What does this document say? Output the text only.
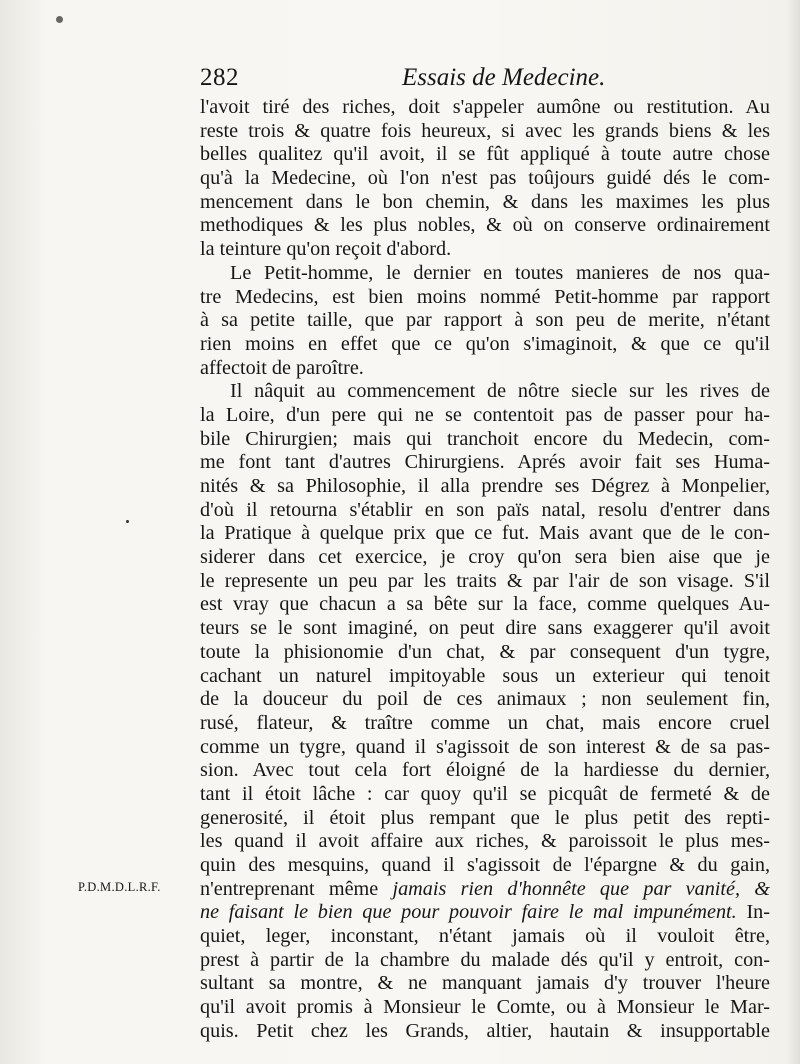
282	Essais de Medecine.
l'avoit tiré des riches, doit s'appeler aumône ou restitution. Au
reste trois & quatre fois heureux, si avec les grands biens & les
belles qualitez qu'il avoit, il se fût appliqué à toute autre chose
qu'à la Medecine, où l'on n'est pas toûjours guidé dés le com-
mencement dans le bon chemin, & dans les maximes les plus
methodiques & les plus nobles, & où on conserve ordinairement
la teinture qu'on reçoit d'abord.
Le Petit-homme, le dernier en toutes manieres de nos qua-
tre Medecins, est bien moins nommé Petit-homme par rapport
à sa petite taille, que par rapport à son peu de merite, n'étant
rien moins en effet que ce qu'on s'imaginoit, & que ce qu'il
affectoit de paroître.
Il nâquit au commencement de nôtre siecle sur les rives de
la Loire, d'un pere qui ne se contentoit pas de passer pour ha-
bile Chirurgien; mais qui tranchoit encore du Medecin, com-
me font tant d'autres Chirurgiens. Aprés avoir fait ses Huma-
nités & sa Philosophie, il alla prendre ses Dégrez à Monpelier,
d'où il retourna s'établir en son païs natal, resolu d'entrer dans
la Pratique à quelque prix que ce fut. Mais avant que de le con-
siderer dans cet exercice, je croy qu'on sera bien aise que je
le represente un peu par les traits & par l'air de son visage. S'il
est vray que chacun a sa bête sur la face, comme quelques Au-
teurs se le sont imaginé, on peut dire sans exaggerer qu'il avoit
toute la phisionomie d'un chat, & par consequent d'un tygre,
cachant un naturel impitoyable sous un exterieur qui tenoit
de la douceur du poil de ces animaux ; non seulement fin,
rusé, flateur, & traître comme un chat, mais encore cruel
comme un tygre, quand il s'agissoit de son interest & de sa pas-
sion. Avec tout cela fort éloigné de la hardiesse du dernier,
tant il étoit lâche : car quoy qu'il se picquât de fermeté & de
generosité, il étoit plus rempant que le plus petit des repti-
les quand il avoit affaire aux riches, & paroissoit le plus mes-
quin des mesquins, quand il s'agissoit de l'épargne & du gain,
n'entreprenant même jamais rien d'honnête que par vanité, &
ne faisant le bien que pour pouvoir faire le mal impunément. In-
quiet, leger, inconstant, n'étant jamais où il vouloit être,
prest à partir de la chambre du malade dés qu'il y entroit, con-
sultant sa montre, & ne manquant jamais d'y trouver l'heure
qu'il avoit promis à Monsieur le Comte, ou à Monsieur le Mar-
quis. Petit chez les Grands, altier, hautain & insupportable
P.D.M.D.L.R.F.
